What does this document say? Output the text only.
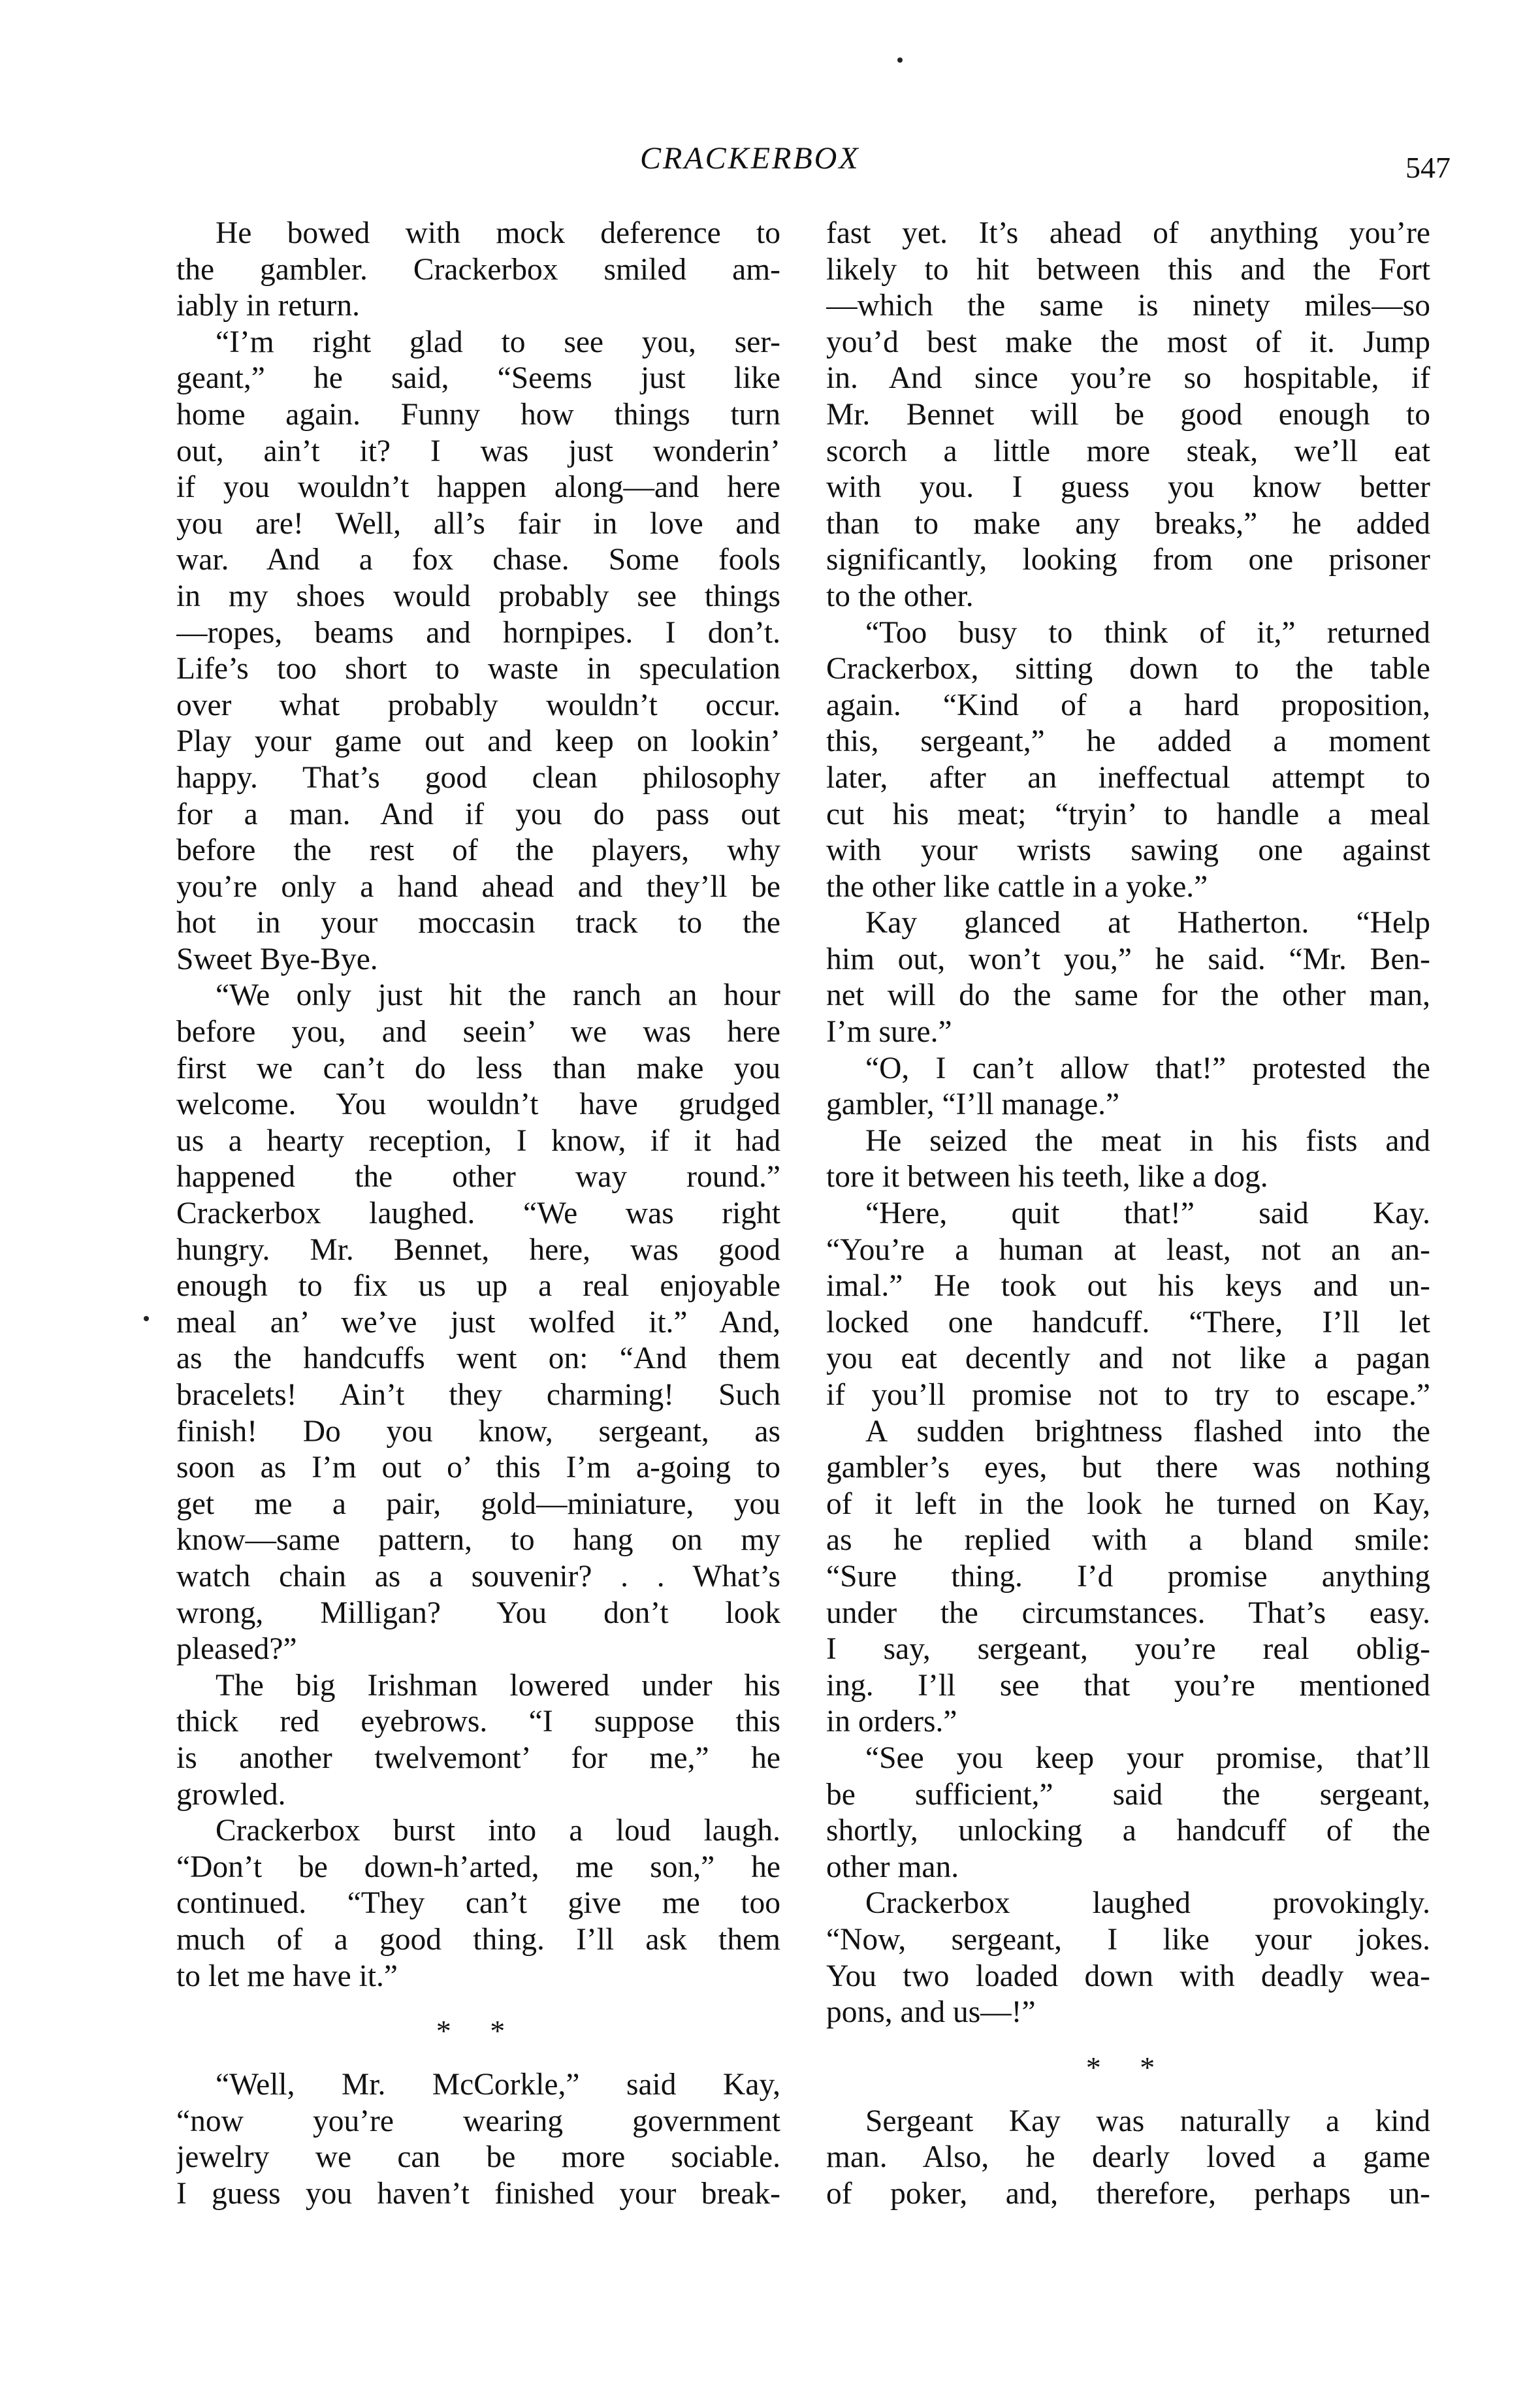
CRACKERBOX	547
He bowed with mock deference to
the gambler. Crackerbox smiled am-
iably in return.
“I’m right glad to see you, ser-
geant,” he said, “Seems just like
home again. Funny how things turn
out, ain’t it? I was just wonderin’
if you wouldn’t happen along—and here
you are! Well, all’s fair in love and
war. And a fox chase. Some fools
in my shoes would probably see things
—ropes, beams and hornpipes. I don’t.
Life’s too short to waste in speculation
over what probably wouldn’t occur.
Play your game out and keep on lookin’
happy. That’s good clean philosophy
for a man. And if you do pass out
before the rest of the players, why
you’re only a hand ahead and they’ll be
hot in your moccasin track to the
Sweet Bye-Bye.
“We only just hit the ranch an hour
before you, and seein’ we was here
first we can’t do less than make you
welcome. You wouldn’t have grudged
us a hearty reception, I know, if it had
happened the other way round.”
Crackerbox laughed. “We was right
hungry. Mr. Bennet, here, was good
enough to fix us up a real enjoyable
meal an’ we’ve just wolfed it.” And,
as the handcuffs went on: “And them
bracelets! Ain’t they charming! Such
finish! Do you know, sergeant, as
soon as I’m out o’ this I’m a-going to
get me a pair, gold—miniature, you
know—same pattern, to hang on my
watch chain as a souvenir? . . What’s
wrong, Milligan? You don’t look
pleased?”
The big Irishman lowered under his
thick red eyebrows. “I suppose this
is another twelvemont’ for me,” he
growled.
Crackerbox burst into a loud laugh.
“Don’t be down-h’arted, me son,” he
continued. “They can’t give me too
much of a good thing. I’ll ask them
to let me have it.”
* *
“Well, Mr. McCorkle,” said Kay,
“now you’re wearing government
jewelry we can be more sociable.
I guess you haven’t finished your break-
fast yet. It’s ahead of anything you’re
likely to hit between this and the Fort
—which the same is ninety miles—so
you’d best make the most of it. Jump
in. And since you’re so hospitable, if
Mr. Bennet will be good enough to
scorch a little more steak, we’ll eat
with you. I guess you know better
than to make any breaks,” he added
significantly, looking from one prisoner
to the other.
“Too busy to think of it,” returned
Crackerbox, sitting down to the table
again. “Kind of a hard proposition,
this, sergeant,” he added a moment
later, after an ineffectual attempt to
cut his meat; “tryin’ to handle a meal
with your wrists sawing one against
the other like cattle in a yoke.”
Kay glanced at Hatherton. “Help
him out, won’t you,” he said. “Mr. Ben-
net will do the same for the other man,
I’m sure.”
“O, I can’t allow that!” protested the
gambler, “I’ll manage.”
He seized the meat in his fists and
tore it between his teeth, like a dog.
“Here, quit that!” said Kay.
“You’re a human at least, not an an-
imal.” He took out his keys and un-
locked one handcuff. “There, I’ll let
you eat decently and not like a pagan
if you’ll promise not to try to escape.”
A sudden brightness flashed into the
gambler’s eyes, but there was nothing
of it left in the look he turned on Kay,
as he replied with a bland smile:
“Sure thing. I’d promise anything
under the circumstances. That’s easy.
I say, sergeant, you’re real oblig-
ing. I’ll see that you’re mentioned
in orders.”
“See you keep your promise, that’ll
be sufficient,” said the sergeant,
shortly, unlocking a handcuff of the
other man.
Crackerbox laughed provokingly.
“Now, sergeant, I like your jokes.
You two loaded down with deadly wea-
pons, and us—!”
* *
Sergeant Kay was naturally a kind
man. Also, he dearly loved a game
of poker, and, therefore, perhaps un-
